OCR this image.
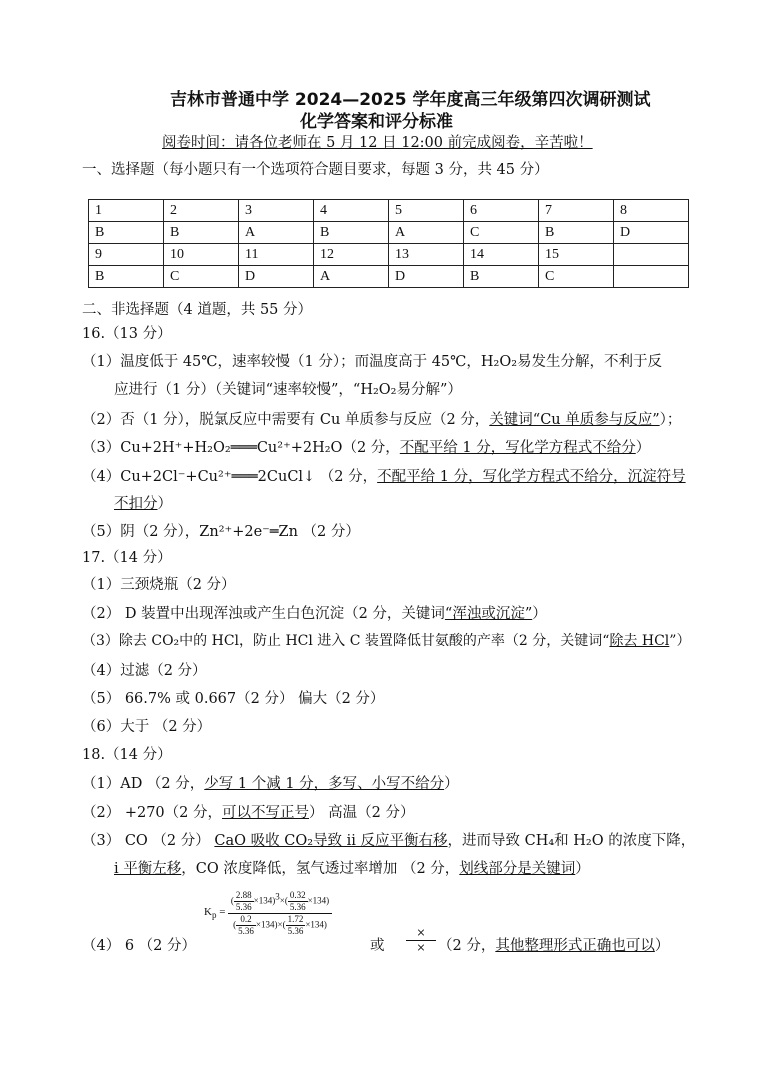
吉林市普通中学 2024—2025 学年度高三年级第四次调研测试
化学答案和评分标准
阅卷时间：请各位老师在 5 月 12 日 12:00 前完成阅卷，辛苦啦！
一、选择题（每小题只有一个选项符合题目要求，每题 3 分，共 45 分）
1	2	3	4	5	6	7	8
B	B	A	B	A	C	B	D
9	10	11	12	13	14	15	
B	C	D	A	D	B	C	
二、非选择题（4 道题，共 55 分）
16.（13 分）
（1）温度低于 45℃，速率较慢（1 分）；而温度高于 45℃，H₂O₂易发生分解，不利于反
应进行（1 分）（关键词“速率较慢”，“H₂O₂易分解”）
（2）否（1 分），脱氯反应中需要有 Cu 单质参与反应（2 分，关键词“Cu 单质参与反应”）；
（3）Cu+2H⁺+H₂O₂═══Cu²⁺+2H₂O（2 分，不配平给 1 分，写化学方程式不给分）
（4）Cu+2Cl⁻+Cu²⁺═══2CuCl↓ （2 分，不配平给 1 分，写化学方程式不给分，沉淀符号
不扣分）
（5）阴（2 分），Zn²⁺+2e⁻═Zn （2 分）
17.（14 分）
（1）三颈烧瓶（2 分）
（2） D 装置中出现浑浊或产生白色沉淀（2 分，关键词“浑浊或沉淀”）
（3）除去 CO₂中的 HCl，防止 HCl 进入 C 装置降低甘氨酸的产率（2 分，关键词“除去 HCl”）
（4）过滤（2 分）
（5） 66.7% 或 0.667（2 分） 偏大（2 分）
（6）大于 （2 分）
18.（14 分）
（1）AD （2 分，少写 1 个减 1 分，多写、小写不给分）
（2） +270（2 分，可以不写正号） 高温（2 分）
（3） CO （2 分） CaO 吸收 CO₂导致 ii 反应平衡右移，进而导致 CH₄和 H₂O 的浓度下降，
i 平衡左移，CO 浓度降低，氢气透过率增加 （2 分，划线部分是关键词）
$K_p = \frac{( \frac{2.88}{5.36} \times 134)^3\times( \frac{0.32}{5.36} \times 134)}{( \frac{0.2}{5.36} \times 134)\times( \frac{1.72}{5.36} \times 134)}$
（4） 6 （2 分）	或
×
× （2 分，其他整理形式正确也可以）
